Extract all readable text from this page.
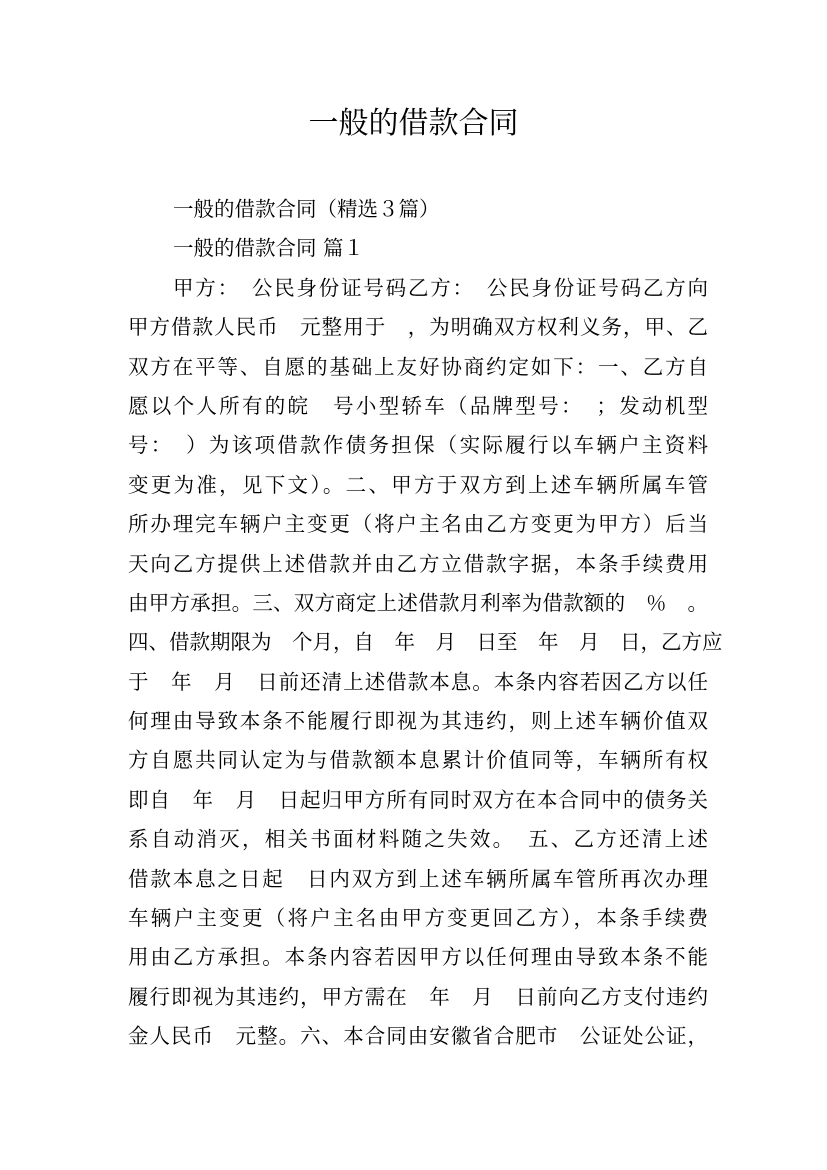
一般的借款合同
一般的借款合同（精选３篇）
一般的借款合同 篇１
甲方：　公民身份证号码乙方：　公民身份证号码乙方向
甲方借款人民币　元整用于　，为明确双方权利义务，甲、乙
双方在平等、自愿的基础上友好协商约定如下：一、乙方自
愿以个人所有的皖　号小型轿车（品牌型号：　；发动机型
号：　）为该项借款作债务担保（实际履行以车辆户主资料
变更为准，见下文）。二、甲方于双方到上述车辆所属车管
所办理完车辆户主变更（将户主名由乙方变更为甲方）后当
天向乙方提供上述借款并由乙方立借款字据，本条手续费用
由甲方承担。三、双方商定上述借款月利率为借款额的　％　。
四、借款期限为　个月，自　年　月　日至　年　月　日，乙方应
于　年　月　日前还清上述借款本息。本条内容若因乙方以任
何理由导致本条不能履行即视为其违约，则上述车辆价值双
方自愿共同认定为与借款额本息累计价值同等，车辆所有权
即自　年　月　日起归甲方所有同时双方在本合同中的债务关
系自动消灭，相关书面材料随之失效。　五、乙方还清上述
借款本息之日起　日内双方到上述车辆所属车管所再次办理
车辆户主变更（将户主名由甲方变更回乙方），本条手续费
用由乙方承担。本条内容若因甲方以任何理由导致本条不能
履行即视为其违约，甲方需在　年　月　日前向乙方支付违约
金人民币　元整。六、本合同由安徽省合肥市　公证处公证，
